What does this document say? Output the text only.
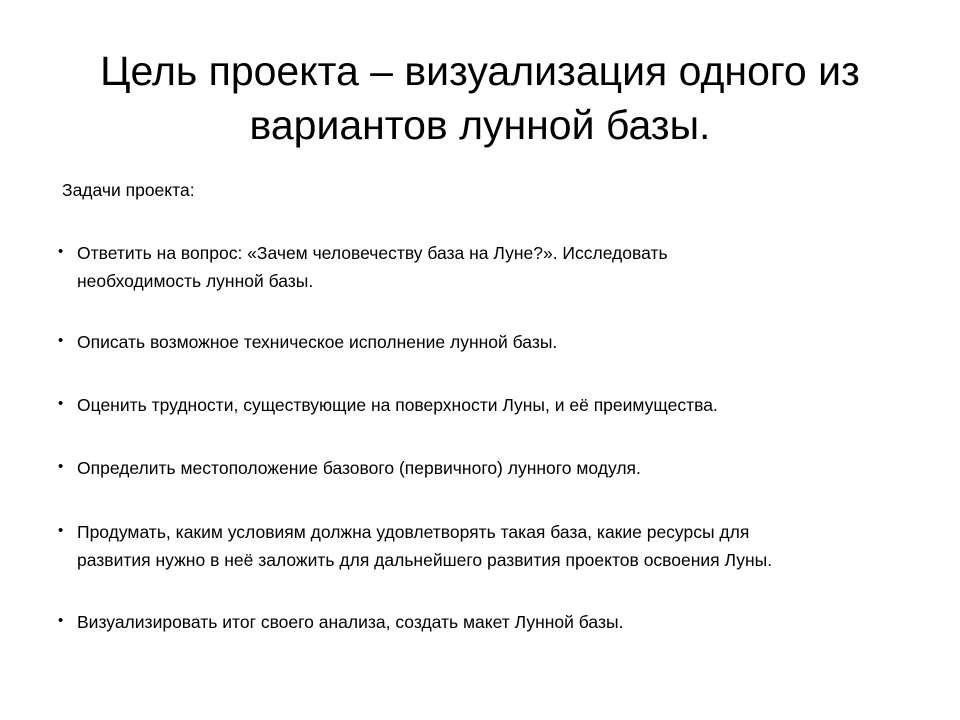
Цель проекта – визуализация одного из
вариантов лунной базы.

Задачи проекта:

• Ответить на вопрос: «Зачем человечеству база на Луне?». Исследовать
необходимость лунной базы.
• Описать возможное техническое исполнение лунной базы.
• Оценить трудности, существующие на поверхности Луны, и её преимущества.
• Определить местоположение базового (первичного) лунного модуля.
• Продумать, каким условиям должна удовлетворять такая база, какие ресурсы для
развития нужно в неё заложить для дальнейшего развития проектов освоения Луны.
• Визуализировать итог своего анализа, создать макет Лунной базы.
